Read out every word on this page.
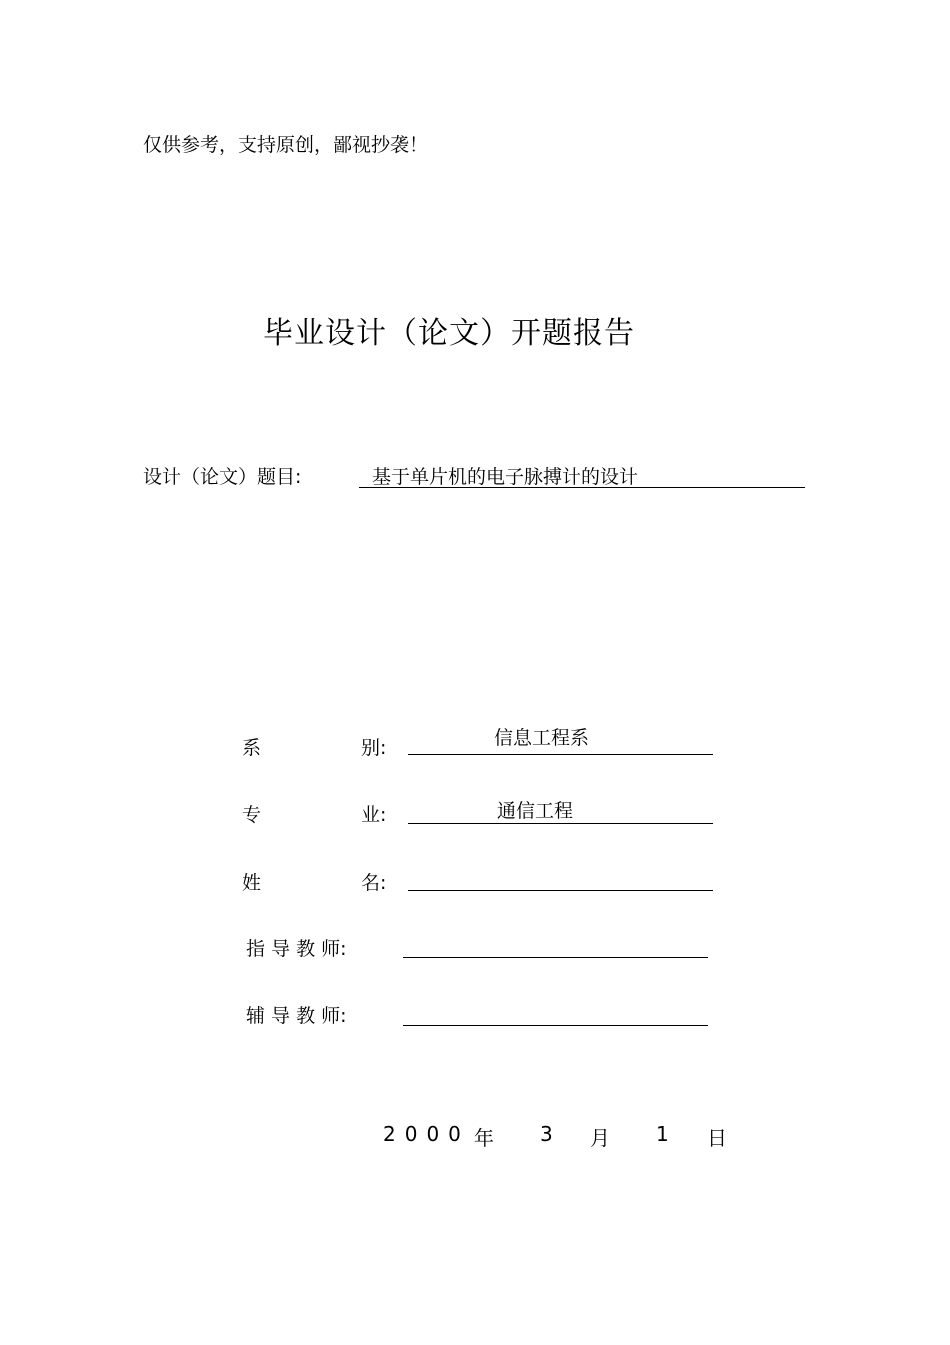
仅供参考，支持原创，鄙视抄袭！
毕业设计（论文）开题报告
设计（论文）题目:	基于单片机的电子脉搏计的设计
系	别:	信息工程系
专	业:	通信工程
姓	名:
指 导 教 师:
辅 导 教 师:
2000 年 3 月 1 日
